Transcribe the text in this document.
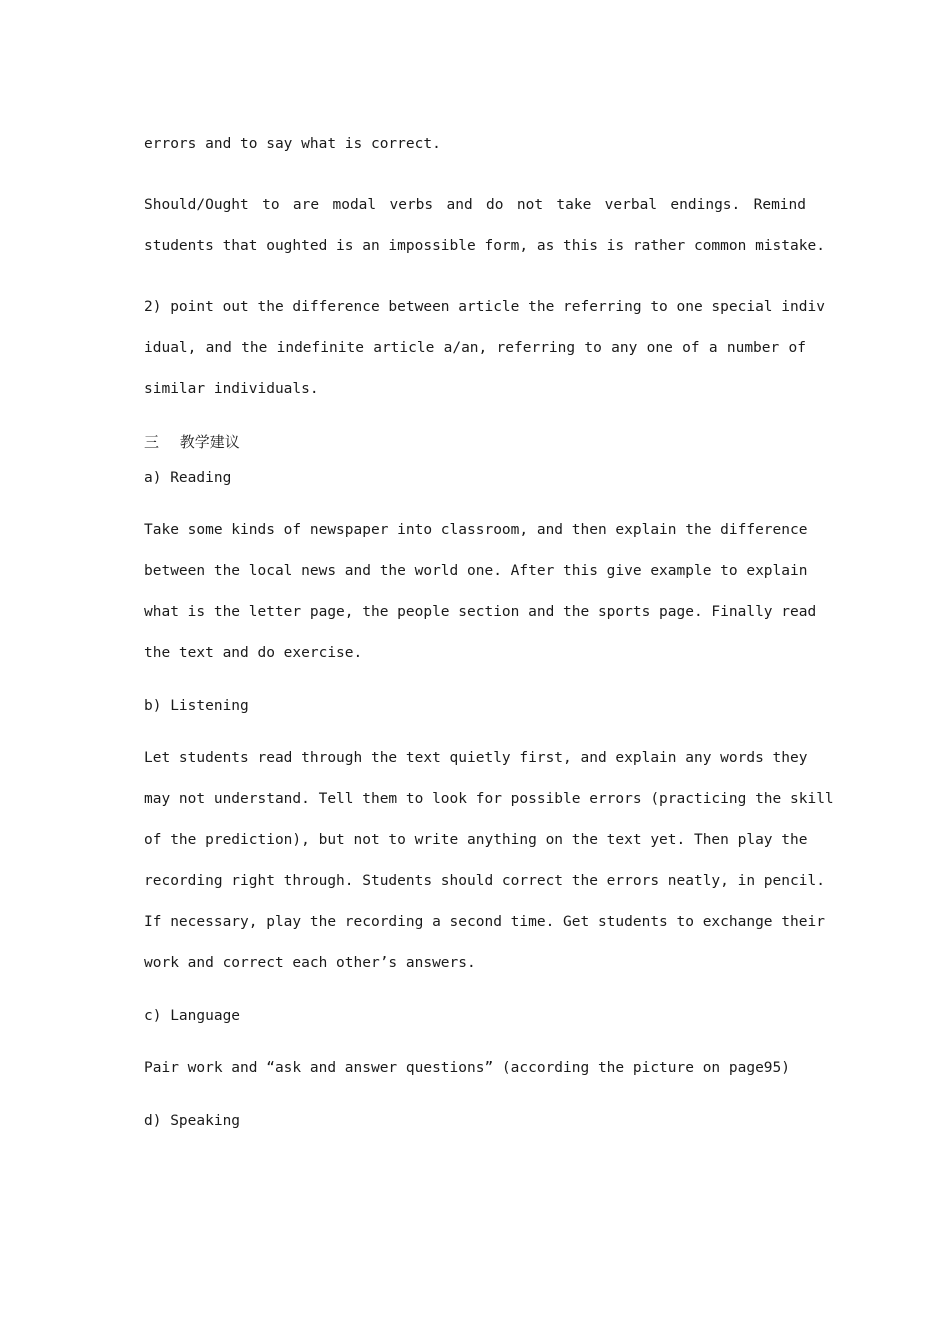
errors and to say what is correct.
Should/Ought to are modal verbs and do not take verbal endings. Remind
students that oughted is an impossible form, as this is rather common mistake.
2) point out the difference between article the referring to one special indiv
idual, and the indefinite article a/an, referring to any one of a number of
similar individuals.
三 教学建议
a) Reading
Take some kinds of newspaper into classroom, and then explain the difference
between the local news and the world one. After this give example to explain
what is the letter page, the people section and the sports page. Finally read
the text and do exercise.
b) Listening
Let students read through the text quietly first, and explain any words they
may not understand. Tell them to look for possible errors (practicing the skill
of the prediction), but not to write anything on the text yet. Then play the
recording right through. Students should correct the errors neatly, in pencil.
If necessary, play the recording a second time. Get students to exchange their
work and correct each other’s answers.
c) Language
Pair work and “ask and answer questions” (according the picture on page95)
d) Speaking
